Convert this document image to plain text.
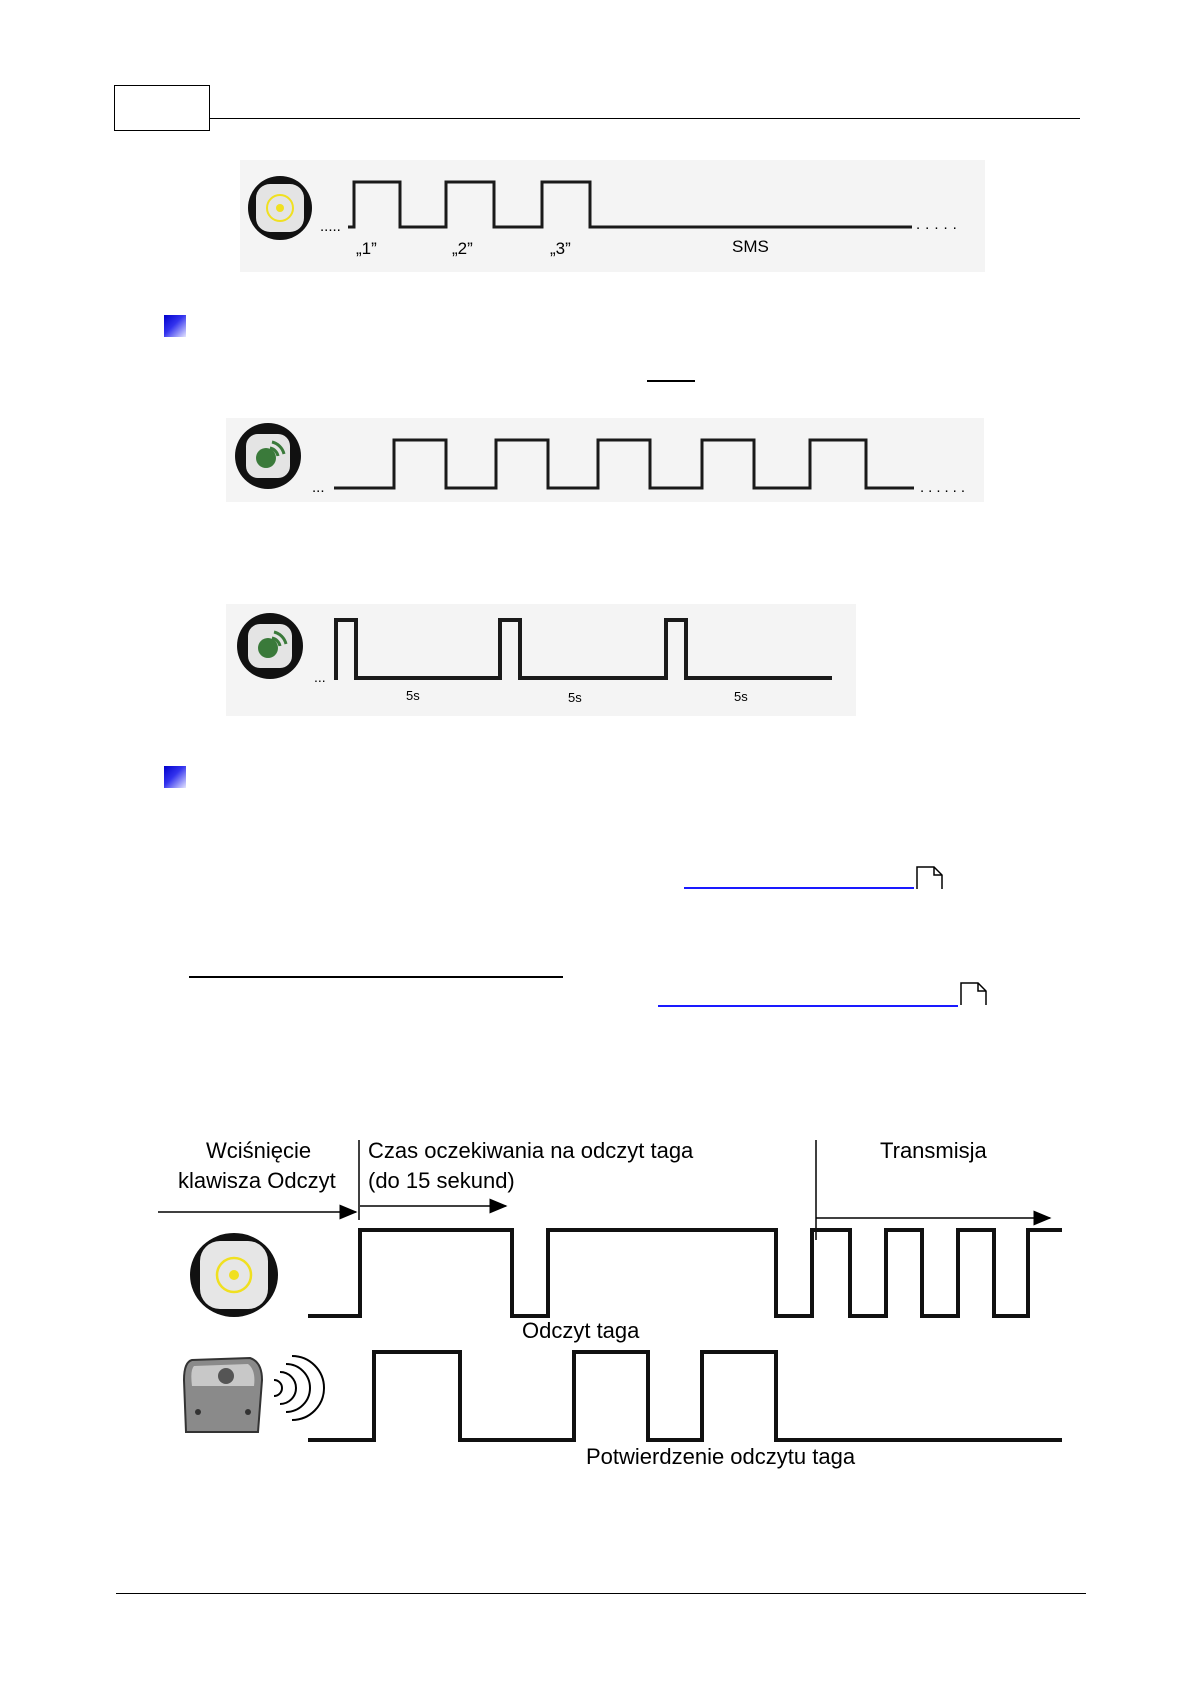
.....	.....
„1”	„2”	„3”	SMS
...	......
...
5s	5s	5s
Wciśnięcie
klawisza Odczyt
Czas oczekiwania na odczyt taga
(do 15 sekund)
Transmisja
Odczyt taga
Potwierdzenie odczytu taga
